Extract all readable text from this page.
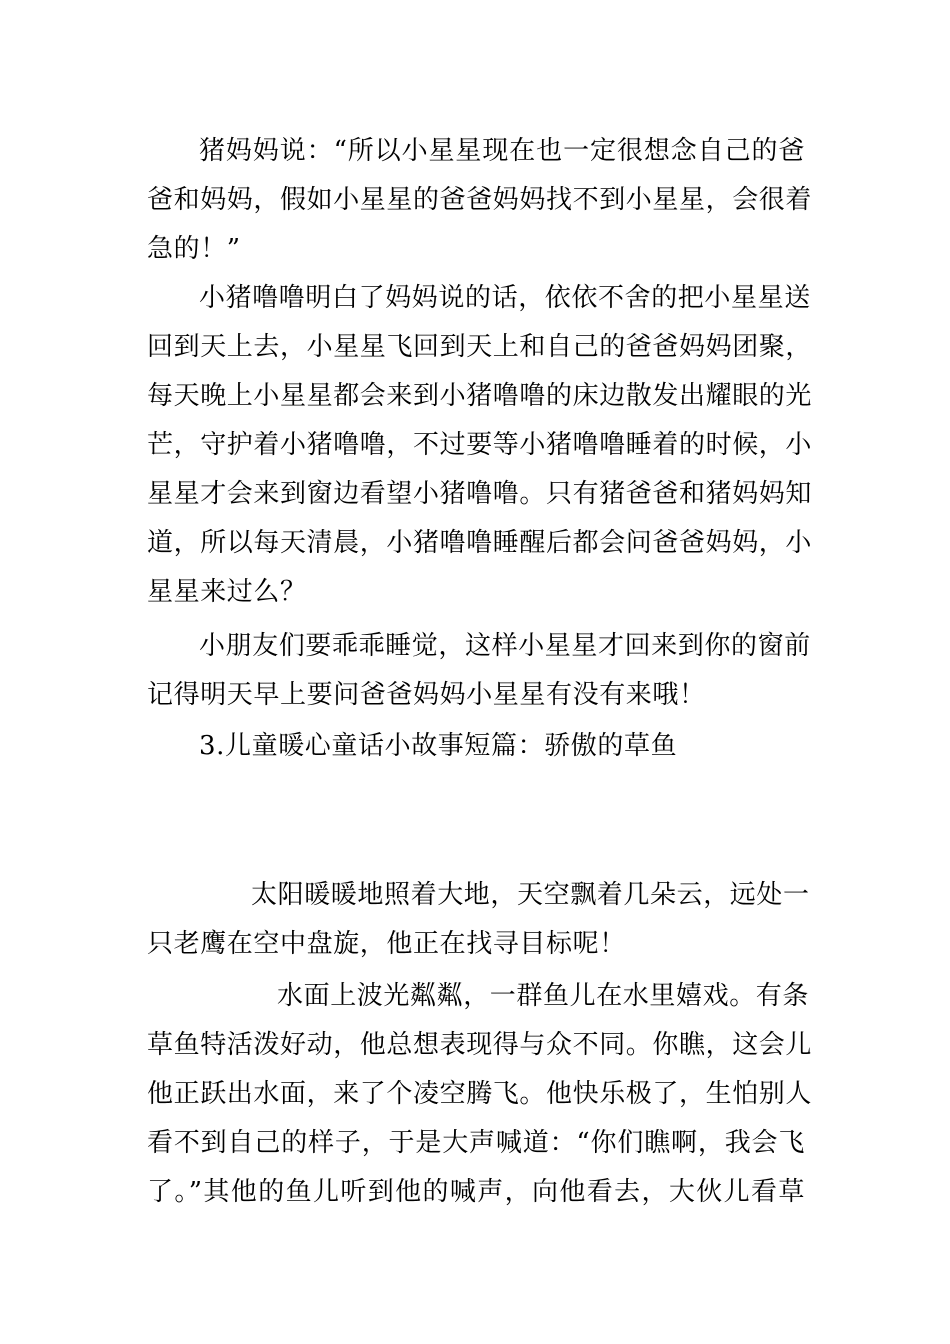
猪妈妈说：“所以小星星现在也一定很想念自己的爸
爸和妈妈，假如小星星的爸爸妈妈找不到小星星，会很着
急的！”
小猪噜噜明白了妈妈说的话，依依不舍的把小星星送
回到天上去，小星星飞回到天上和自己的爸爸妈妈团聚，
每天晚上小星星都会来到小猪噜噜的床边散发出耀眼的光
芒，守护着小猪噜噜，不过要等小猪噜噜睡着的时候，小
星星才会来到窗边看望小猪噜噜。只有猪爸爸和猪妈妈知
道，所以每天清晨，小猪噜噜睡醒后都会问爸爸妈妈，小
星星来过么？
小朋友们要乖乖睡觉，这样小星星才回来到你的窗前
记得明天早上要问爸爸妈妈小星星有没有来哦！
3.儿童暖心童话小故事短篇：骄傲的草鱼
太阳暖暖地照着大地，天空飘着几朵云，远处一
只老鹰在空中盘旋，他正在找寻目标呢！
水面上波光粼粼，一群鱼儿在水里嬉戏。有条
草鱼特活泼好动，他总想表现得与众不同。你瞧，这会儿
他正跃出水面，来了个凌空腾飞。他快乐极了，生怕别人
看不到自己的样子，于是大声喊道：“你们瞧啊，我会飞
了。”其他的鱼儿听到他的喊声，向他看去，大伙儿看草
